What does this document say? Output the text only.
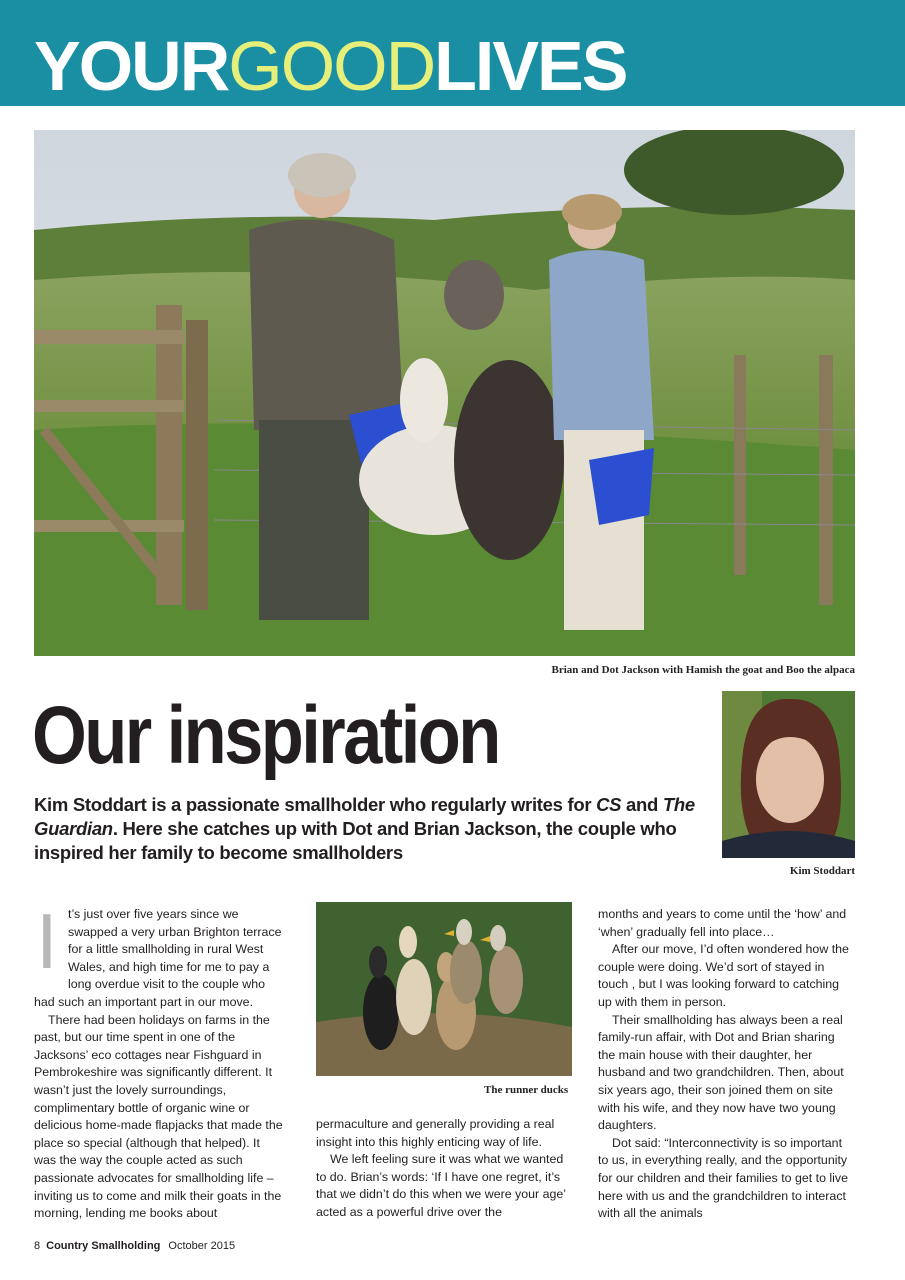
YOURGOODLIVES
Brian and Dot Jackson with Hamish the goat and Boo the alpaca
Our inspiration
Kim Stoddart is a passionate smallholder who regularly writes for CS and The Guardian. Here she catches up with Dot and Brian Jackson, the couple who inspired her family to become smallholders
Kim Stoddart
I t’s just over five years since we swapped a very urban Brighton terrace for a little smallholding in rural West Wales, and high time for me to pay a long overdue visit to the couple who had such an important part in our move.

There had been holidays on farms in the past, but our time spent in one of the Jacksons’ eco cottages near Fishguard in Pembrokeshire was significantly different. It wasn’t just the lovely surroundings, complimentary bottle of organic wine or delicious home-made flapjacks that made the place so special (although that helped). It was the way the couple acted as such passionate advocates for smallholding life – inviting us to come and milk their goats in the morning, lending me books about

The runner ducks

permaculture and generally providing a real insight into this highly enticing way of life.

We left feeling sure it was what we wanted to do. Brian’s words: ‘If I have one regret, it’s that we didn’t do this when we were your age’ acted as a powerful drive over the

months and years to come until the ‘how’ and ‘when’ gradually fell into place…

After our move, I’d often wondered how the couple were doing. We’d sort of stayed in touch , but I was looking forward to catching up with them in person.

Their smallholding has always been a real family-run affair, with Dot and Brian sharing the main house with their daughter, her husband and two grandchildren. Then, about six years ago, their son joined them on site with his wife, and they now have two young daughters.

Dot said: “Interconnectivity is so important to us, in everything really, and the opportunity for our children and their families to get to live here with us and the grandchildren to interact with all the animals

8 Country Smallholding October 2015
